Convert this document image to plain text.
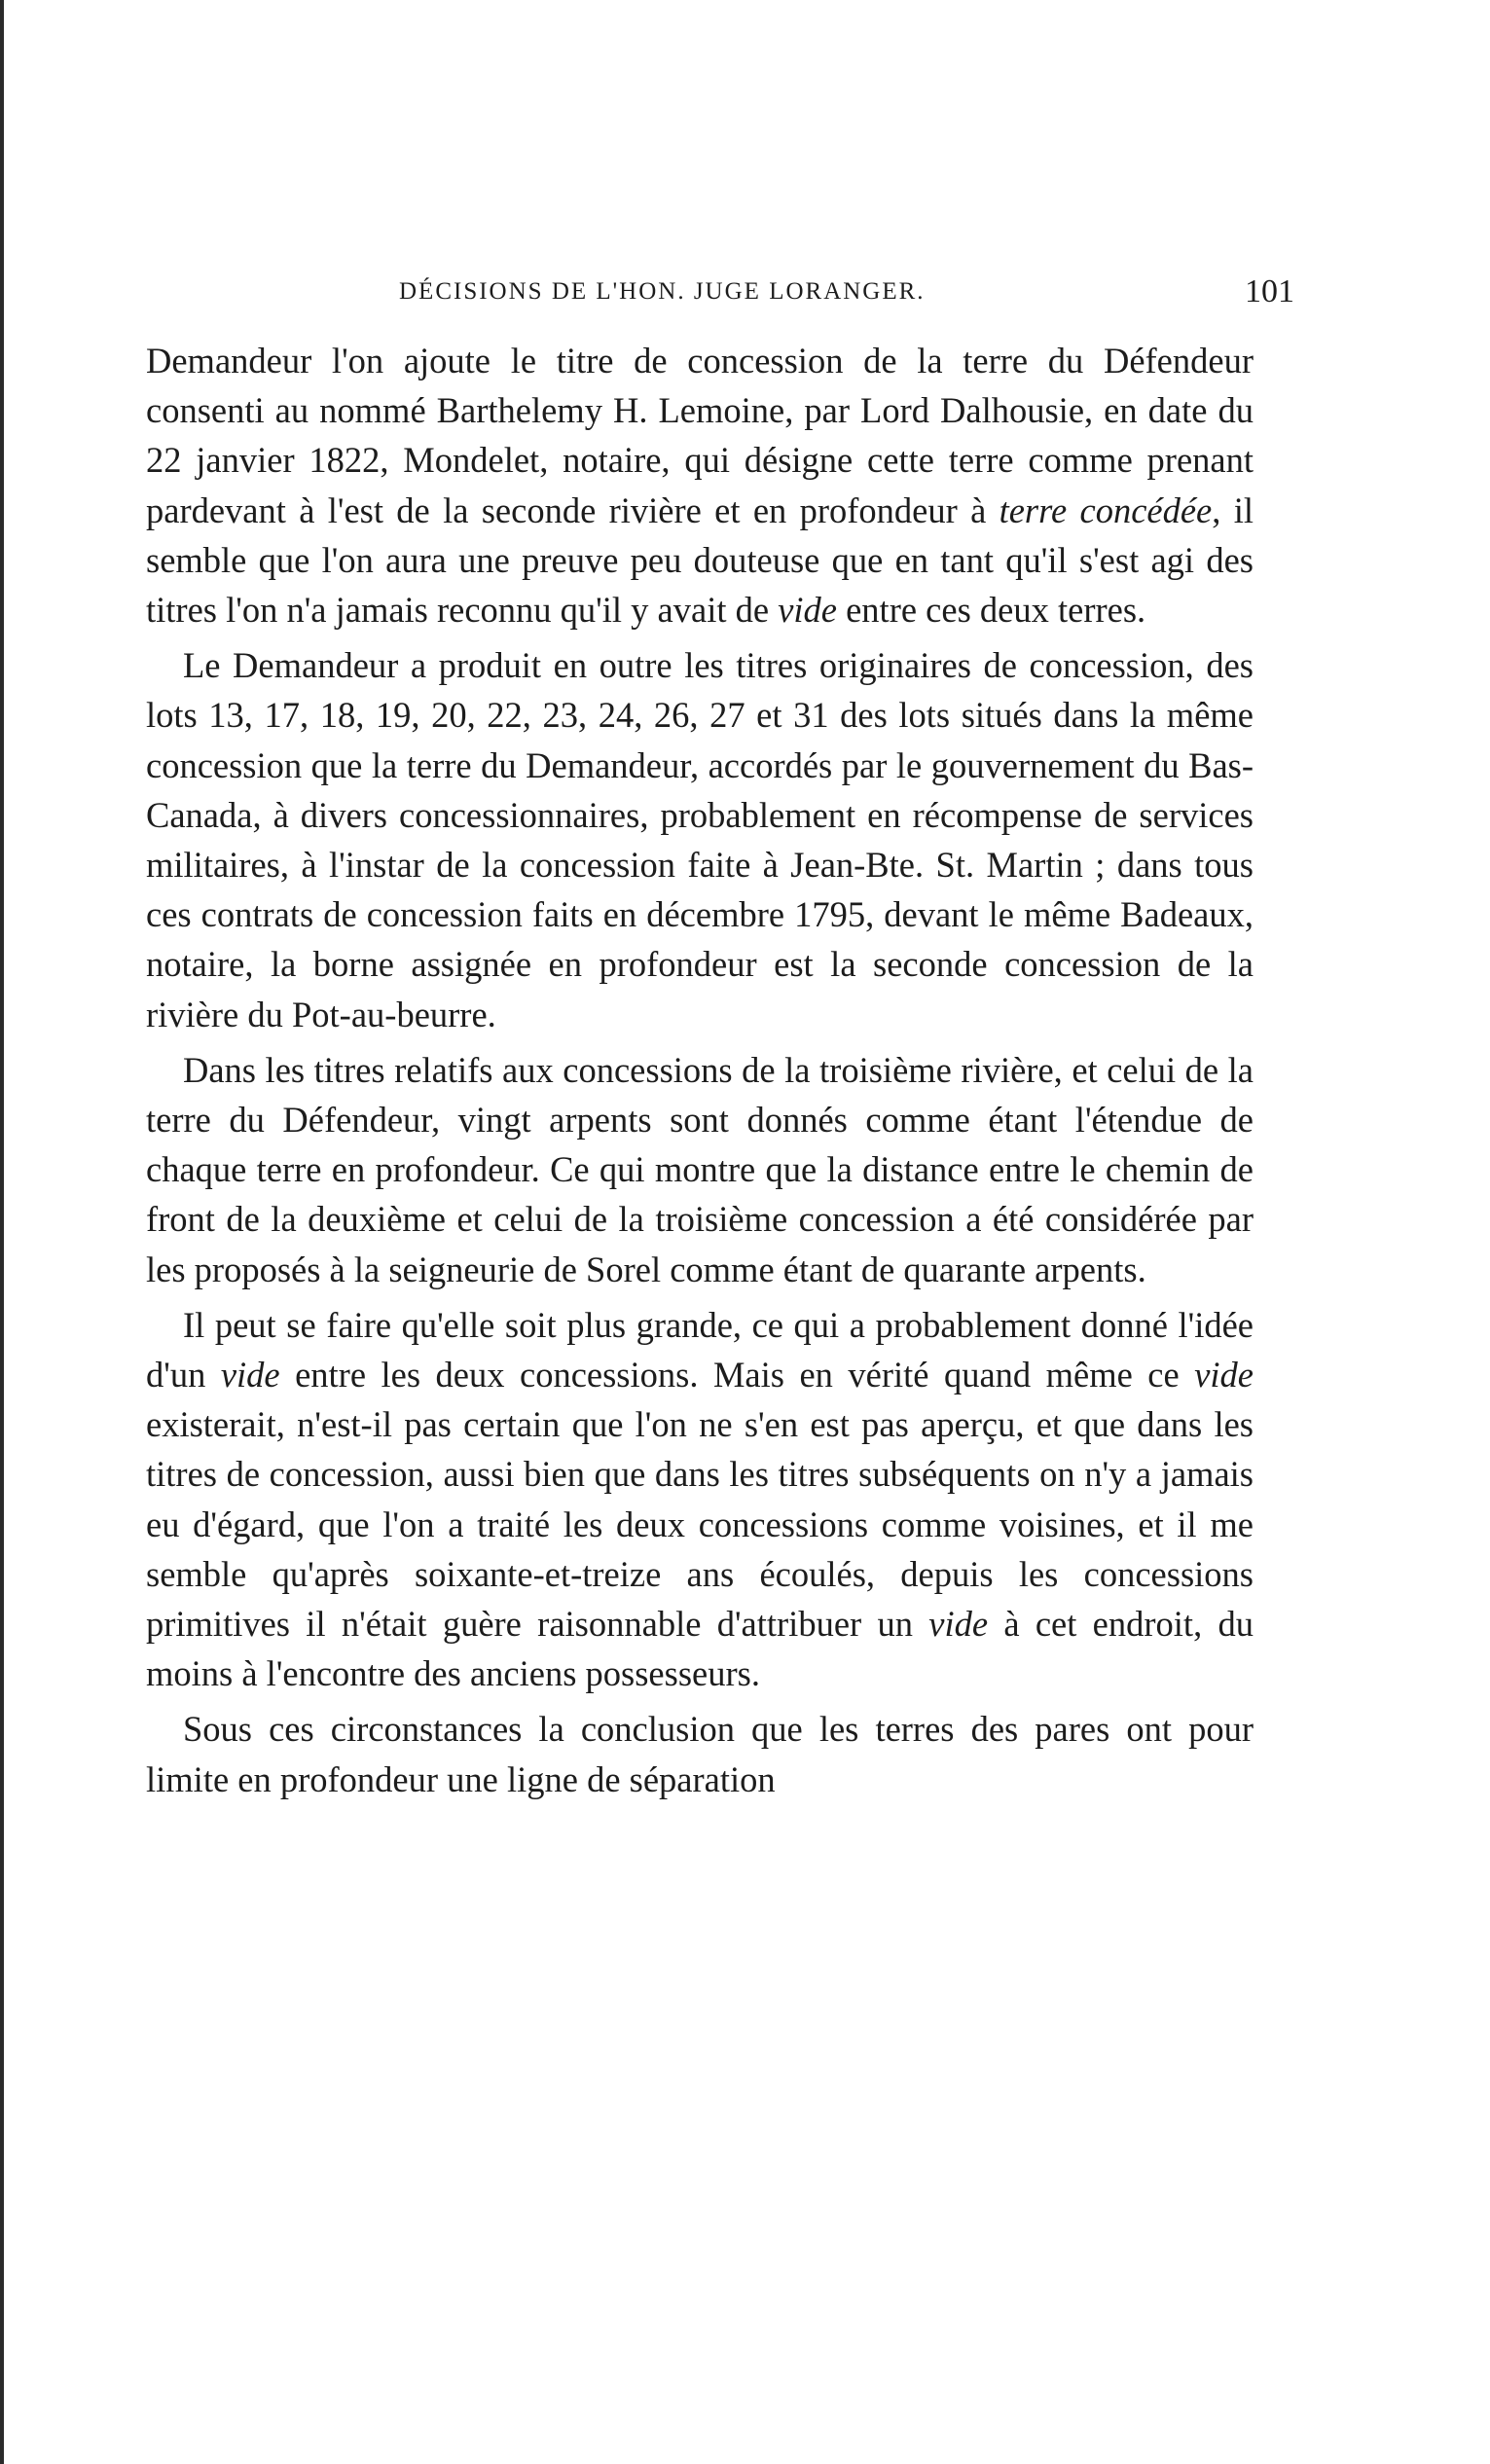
DÉCISIONS DE L'HON. JUGE LORANGER.	101

Demandeur l'on ajoute le titre de concession de la terre du Défendeur consenti au nommé Barthelemy H. Lemoine, par Lord Dalhousie, en date du 22 janvier 1822, Mondelet, notaire, qui désigne cette terre comme prenant pardevant à l'est de la seconde rivière et en profondeur à terre concédée, il semble que l'on aura une preuve peu douteuse que en tant qu'il s'est agi des titres l'on n'a jamais reconnu qu'il y avait de vide entre ces deux terres.

Le Demandeur a produit en outre les titres originaires de concession, des lots 13, 17, 18, 19, 20, 22, 23, 24, 26, 27 et 31 des lots situés dans la même concession que la terre du Demandeur, accordés par le gouvernement du Bas-Canada, à divers concessionnaires, probablement en récompense de services militaires, à l'instar de la concession faite à Jean-Bte. St. Martin ; dans tous ces contrats de concession faits en décembre 1795, devant le même Badeaux, notaire, la borne assignée en profondeur est la seconde concession de la rivière du Pot-au-beurre.

Dans les titres relatifs aux concessions de la troisième rivière, et celui de la terre du Défendeur, vingt arpents sont donnés comme étant l'étendue de chaque terre en profondeur. Ce qui montre que la distance entre le chemin de front de la deuxième et celui de la troisième concession a été considérée par les proposés à la seigneurie de Sorel comme étant de quarante arpents.

Il peut se faire qu'elle soit plus grande, ce qui a probablement donné l'idée d'un vide entre les deux concessions. Mais en vérité quand même ce vide existerait, n'est-il pas certain que l'on ne s'en est pas aperçu, et que dans les titres de concession, aussi bien que dans les titres subséquents on n'y a jamais eu d'égard, que l'on a traité les deux concessions comme voisines, et il me semble qu'après soixante-et-treize ans écoulés, depuis les concessions primitives il n'était guère raisonnable d'attribuer un vide à cet endroit, du moins à l'encontre des anciens possesseurs.

Sous ces circonstances la conclusion que les terres des pares ont pour limite en profondeur une ligne de séparation
